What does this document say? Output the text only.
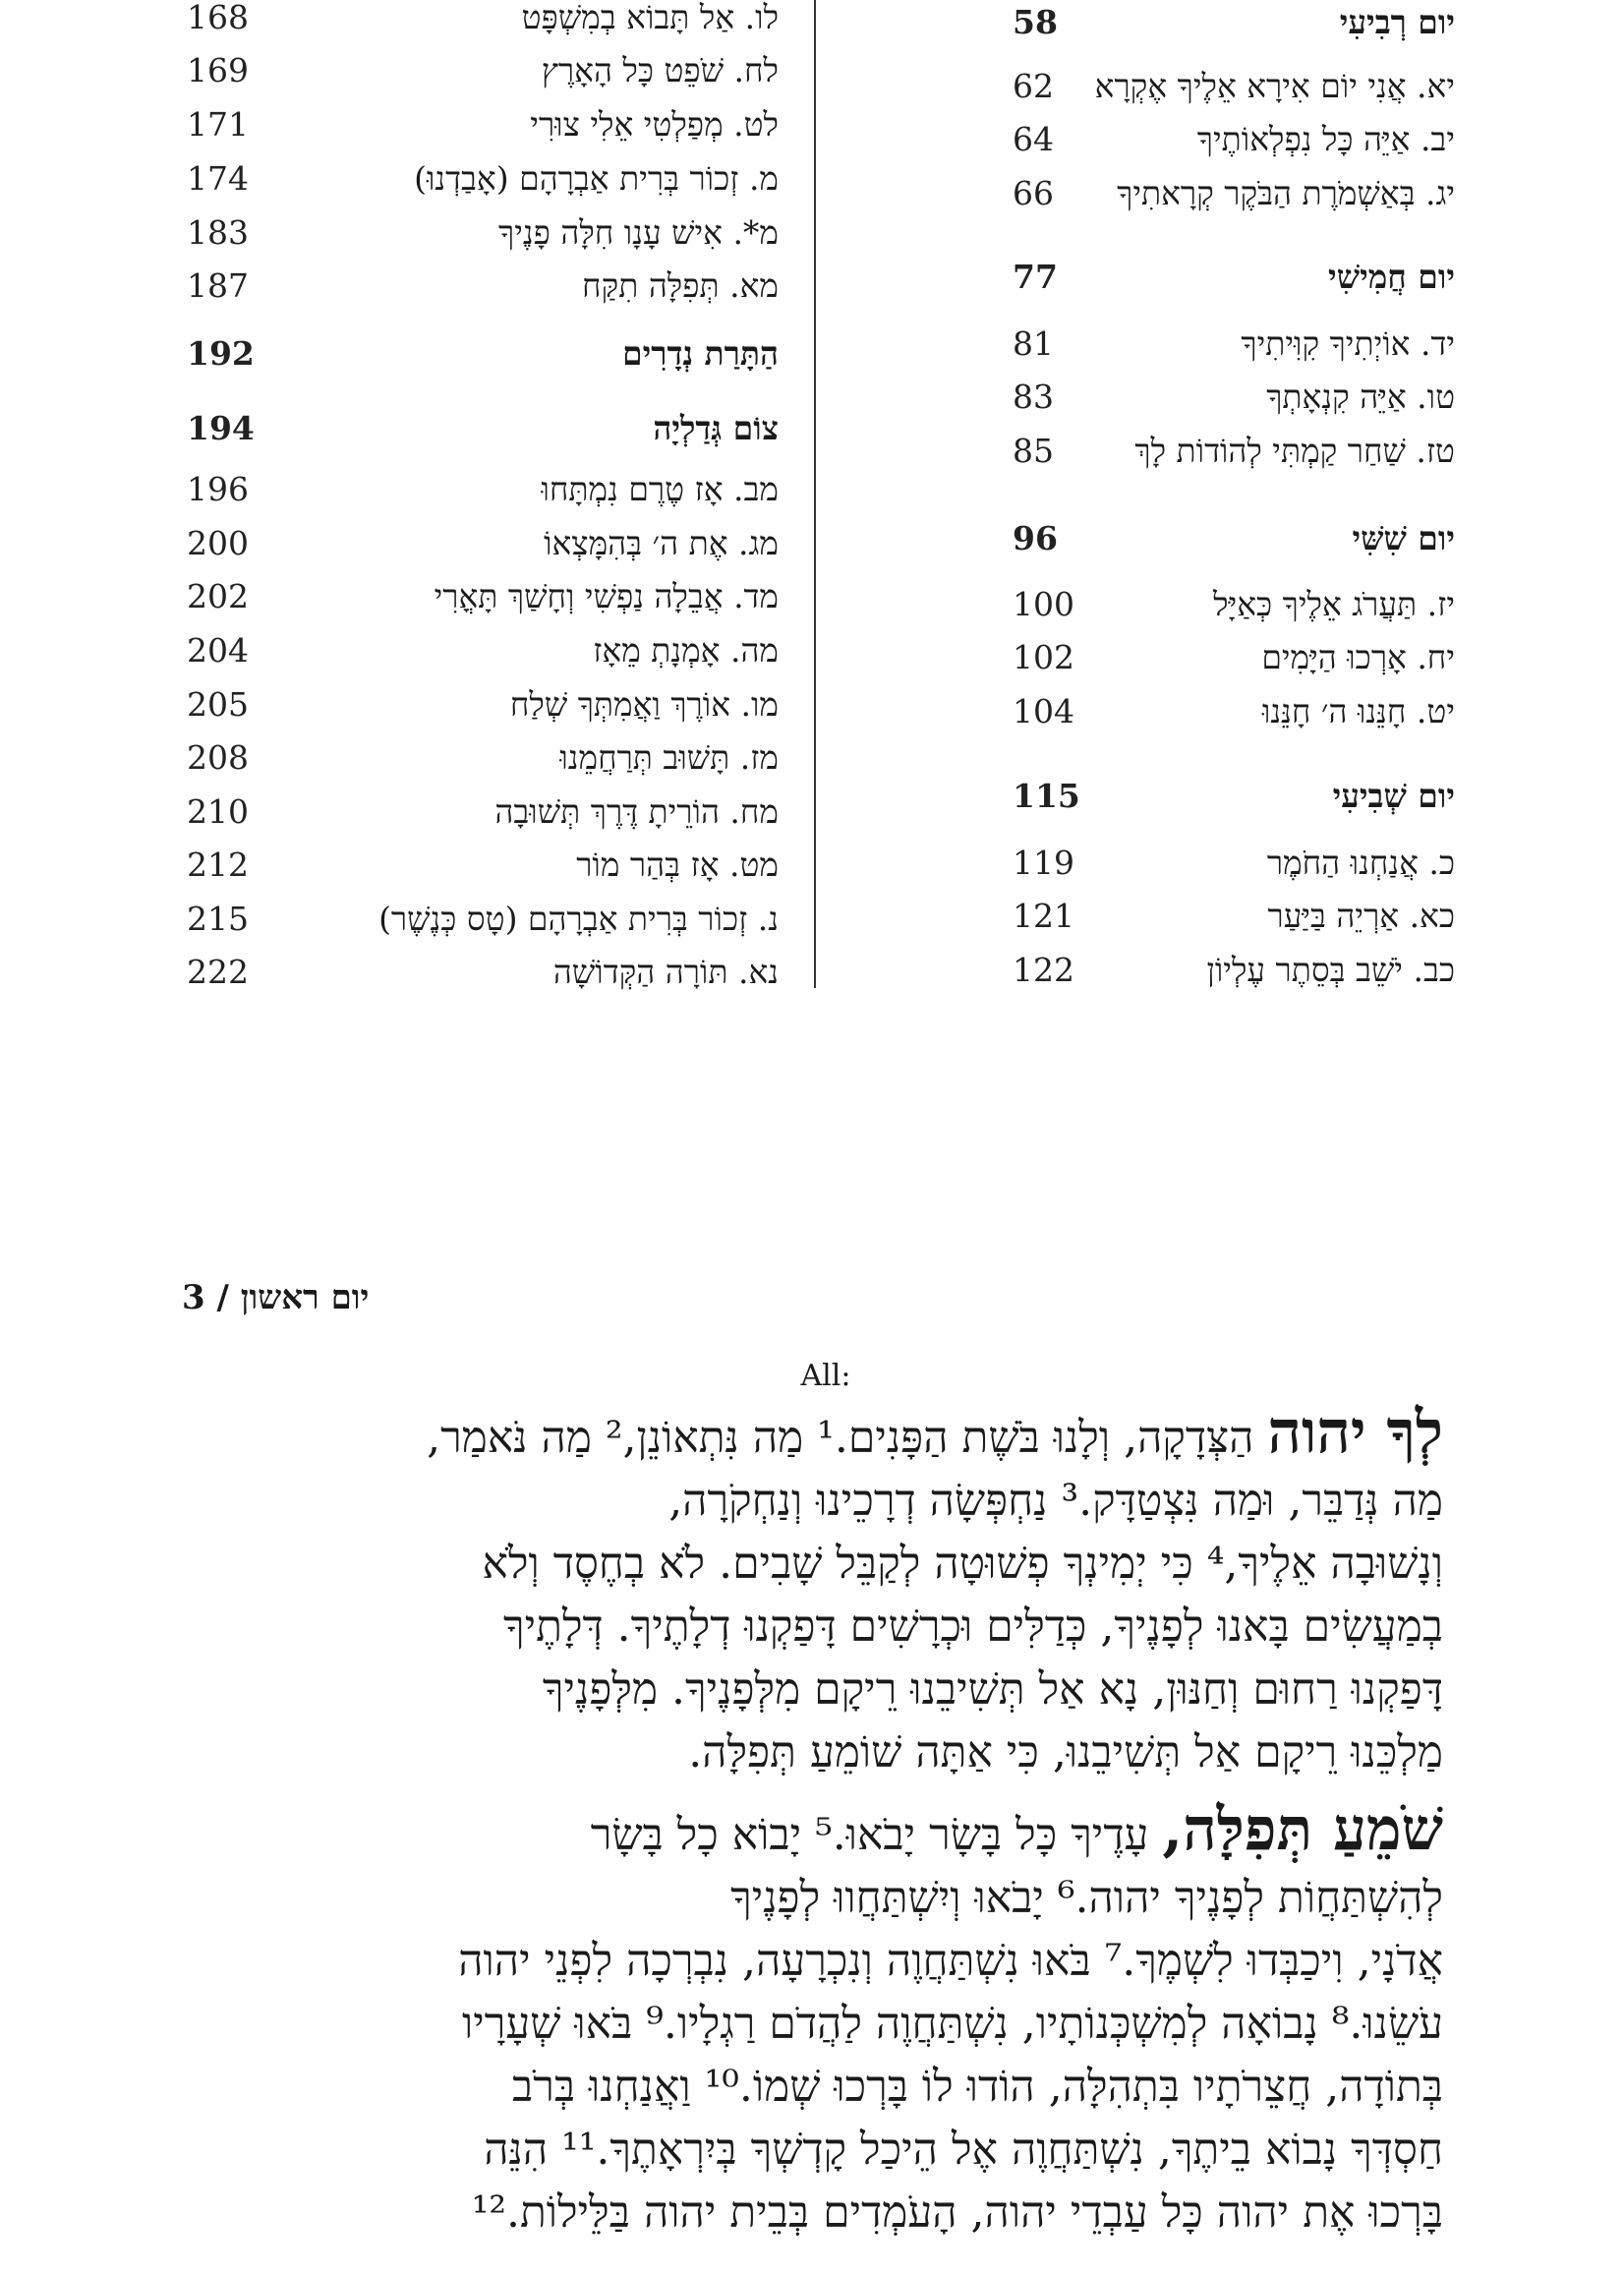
לו. אַל תָּבוֹא בְמִשְׁפָּט
168
לח. שֹׁפֵט כָּל הָאָרֶץ
169
לט. מְפַלְטִי אֵלִי צוּרִי
171
מ. זְכוֹר בְּרִית אַבְרָהָם (אָבַדְנוּ)
174
מ*. אִישׁ עָנָו חִלָּה פָנֶיךָ
183
מא. תְּפִלָּה תִקַּח
187
הַתָּרַת נְדָרִים
192
צוֹם גְּדַלְיָה
194
מב. אָז טֶרֶם נִמְתָּחוּ
196
מג. אֶת ה׳ בְּהִמָּצְאוֹ
200
מד. אֲבֵלָה נַפְשִׁי וְחָשַׁךְ תָּאֳרִי
202
מה. אָמְנָתְ מֵאָז
204
מו. אוֹרֶךְ וַאֲמִתְּךָ שְׁלַח
205
מז. תָּשׁוּב תְּרַחֲמֵנוּ
208
מח. הוֹרֵיתָ דֶּרֶךְ תְּשׁוּבָה
210
מט. אָז בְּהַר מוֹר
212
נ. זְכוֹר בְּרִית אַבְרָהָם (טָס כְּנֶשֶׁר)
215
נא. תּוֹרָה הַקְּדוֹשָׁה
222
יום רְבִיעִי
58
יא. אֲנִי יוֹם אִירָא אֵלֶיךָ אֶקְרָא
62
יב. אַיֵּה כָּל נִפְלְאוֹתֶיךָ
64
יג. בְּאַשְׁמֹרֶת הַבֹּקֶר קְרָאתִיךָ
66
יום חֲמִישִׁי
77
יד. אוֹיְתִיךָ קִוִּיתִיךָ
81
טו. אַיֵּה קִנְאָתְךָ
83
טז. שַׁחַר קַמְתִּי לְהוֹדוֹת לָךְ
85
יום שִׁשִּׁי
96
יז. תַּעֲרֹג אֵלֶיךָ כְּאַיָּל
100
יח. אָרְכוּ הַיָּמִים
102
יט. חָנֵּנוּ ה׳ חָנֵּנוּ
104
יום שְׁבִיעִי
115
כ. אֲנַחְנוּ הַחֹמֶר
119
כא. אַרְיֵה בַּיַּעַר
121
כב. יֹשֵׁב בְּסֵתֶר עֶלְיוֹן
122
3 / יום ראשון
All:
לְךָ יהוה הַצְּדָקָה, וְלָנוּ בֹּשֶׁת הַפָּנִים.¹ מַה נִּתְאוֹנֵן,² מַה נֹּאמַר,
מַה נְּדַבֵּר, וּמַה נִּצְטַדָּק.³ נַחְפְּשָׂה דְרָכֵינוּ וְנַחְקֹרָה,
וְנָשׁוּבָה אֵלֶיךָ,⁴ כִּי יְמִינְךָ פְשׁוּטָה לְקַבֵּל שָׁבִים. לֹא בְחֶסֶד וְלֹא
בְמַעֲשִׂים בָּאנוּ לְפָנֶיךָ, כְּדַלִּים וּכְרָשִׁים דָּפַקְנוּ דְלָתֶיךָ. דְּלָתֶיךָ
דָּפַקְנוּ רַחוּם וְחַנּוּן, נָא אַל תְּשִׁיבֵנוּ רֵיקָם מִלְּפָנֶיךָ. מִלְּפָנֶיךָ
מַלְכֵּנוּ רֵיקָם אַל תְּשִׁיבֵנוּ, כִּי אַתָּה שׁוֹמֵעַ תְּפִלָּה.
שֹׁמֵעַ תְּפִלָּה, עָדֶיךָ כָּל בָּשָׂר יָבֹאוּ.⁵ יָבוֹא כָל בָּשָׂר
לְהִשְׁתַּחֲוֹת לְפָנֶיךָ יהוה.⁶ יָבֹאוּ וְיִשְׁתַּחֲווּ לְפָנֶיךָ
אֲדֹנָי, וִיכַבְּדוּ לִשְׁמֶךָ.⁷ בֹּאוּ נִשְׁתַּחֲוֶה וְנִכְרָעָה, נִבְרְכָה לִפְנֵי יהוה
עֹשֵׂנוּ.⁸ נָבוֹאָה לְמִשְׁכְּנוֹתָיו, נִשְׁתַּחֲוֶה לַהֲדֹם רַגְלָיו.⁹ בֹּאוּ שְׁעָרָיו
בְּתוֹדָה, חֲצֵרֹתָיו בִּתְהִלָּה, הוֹדוּ לוֹ בָּרְכוּ שְׁמוֹ.¹⁰ וַאֲנַחְנוּ בְּרֹב
חַסְדְּךָ נָבוֹא בֵיתֶךָ, נִשְׁתַּחֲוֶה אֶל הֵיכַל קָדְשְׁךָ בְּיִרְאָתֶךָ.¹¹ הִנֵּה
בָּרְכוּ אֶת יהוה כָּל עַבְדֵי יהוה, הָעֹמְדִים בְּבֵית יהוה בַּלֵּילוֹת.¹²
